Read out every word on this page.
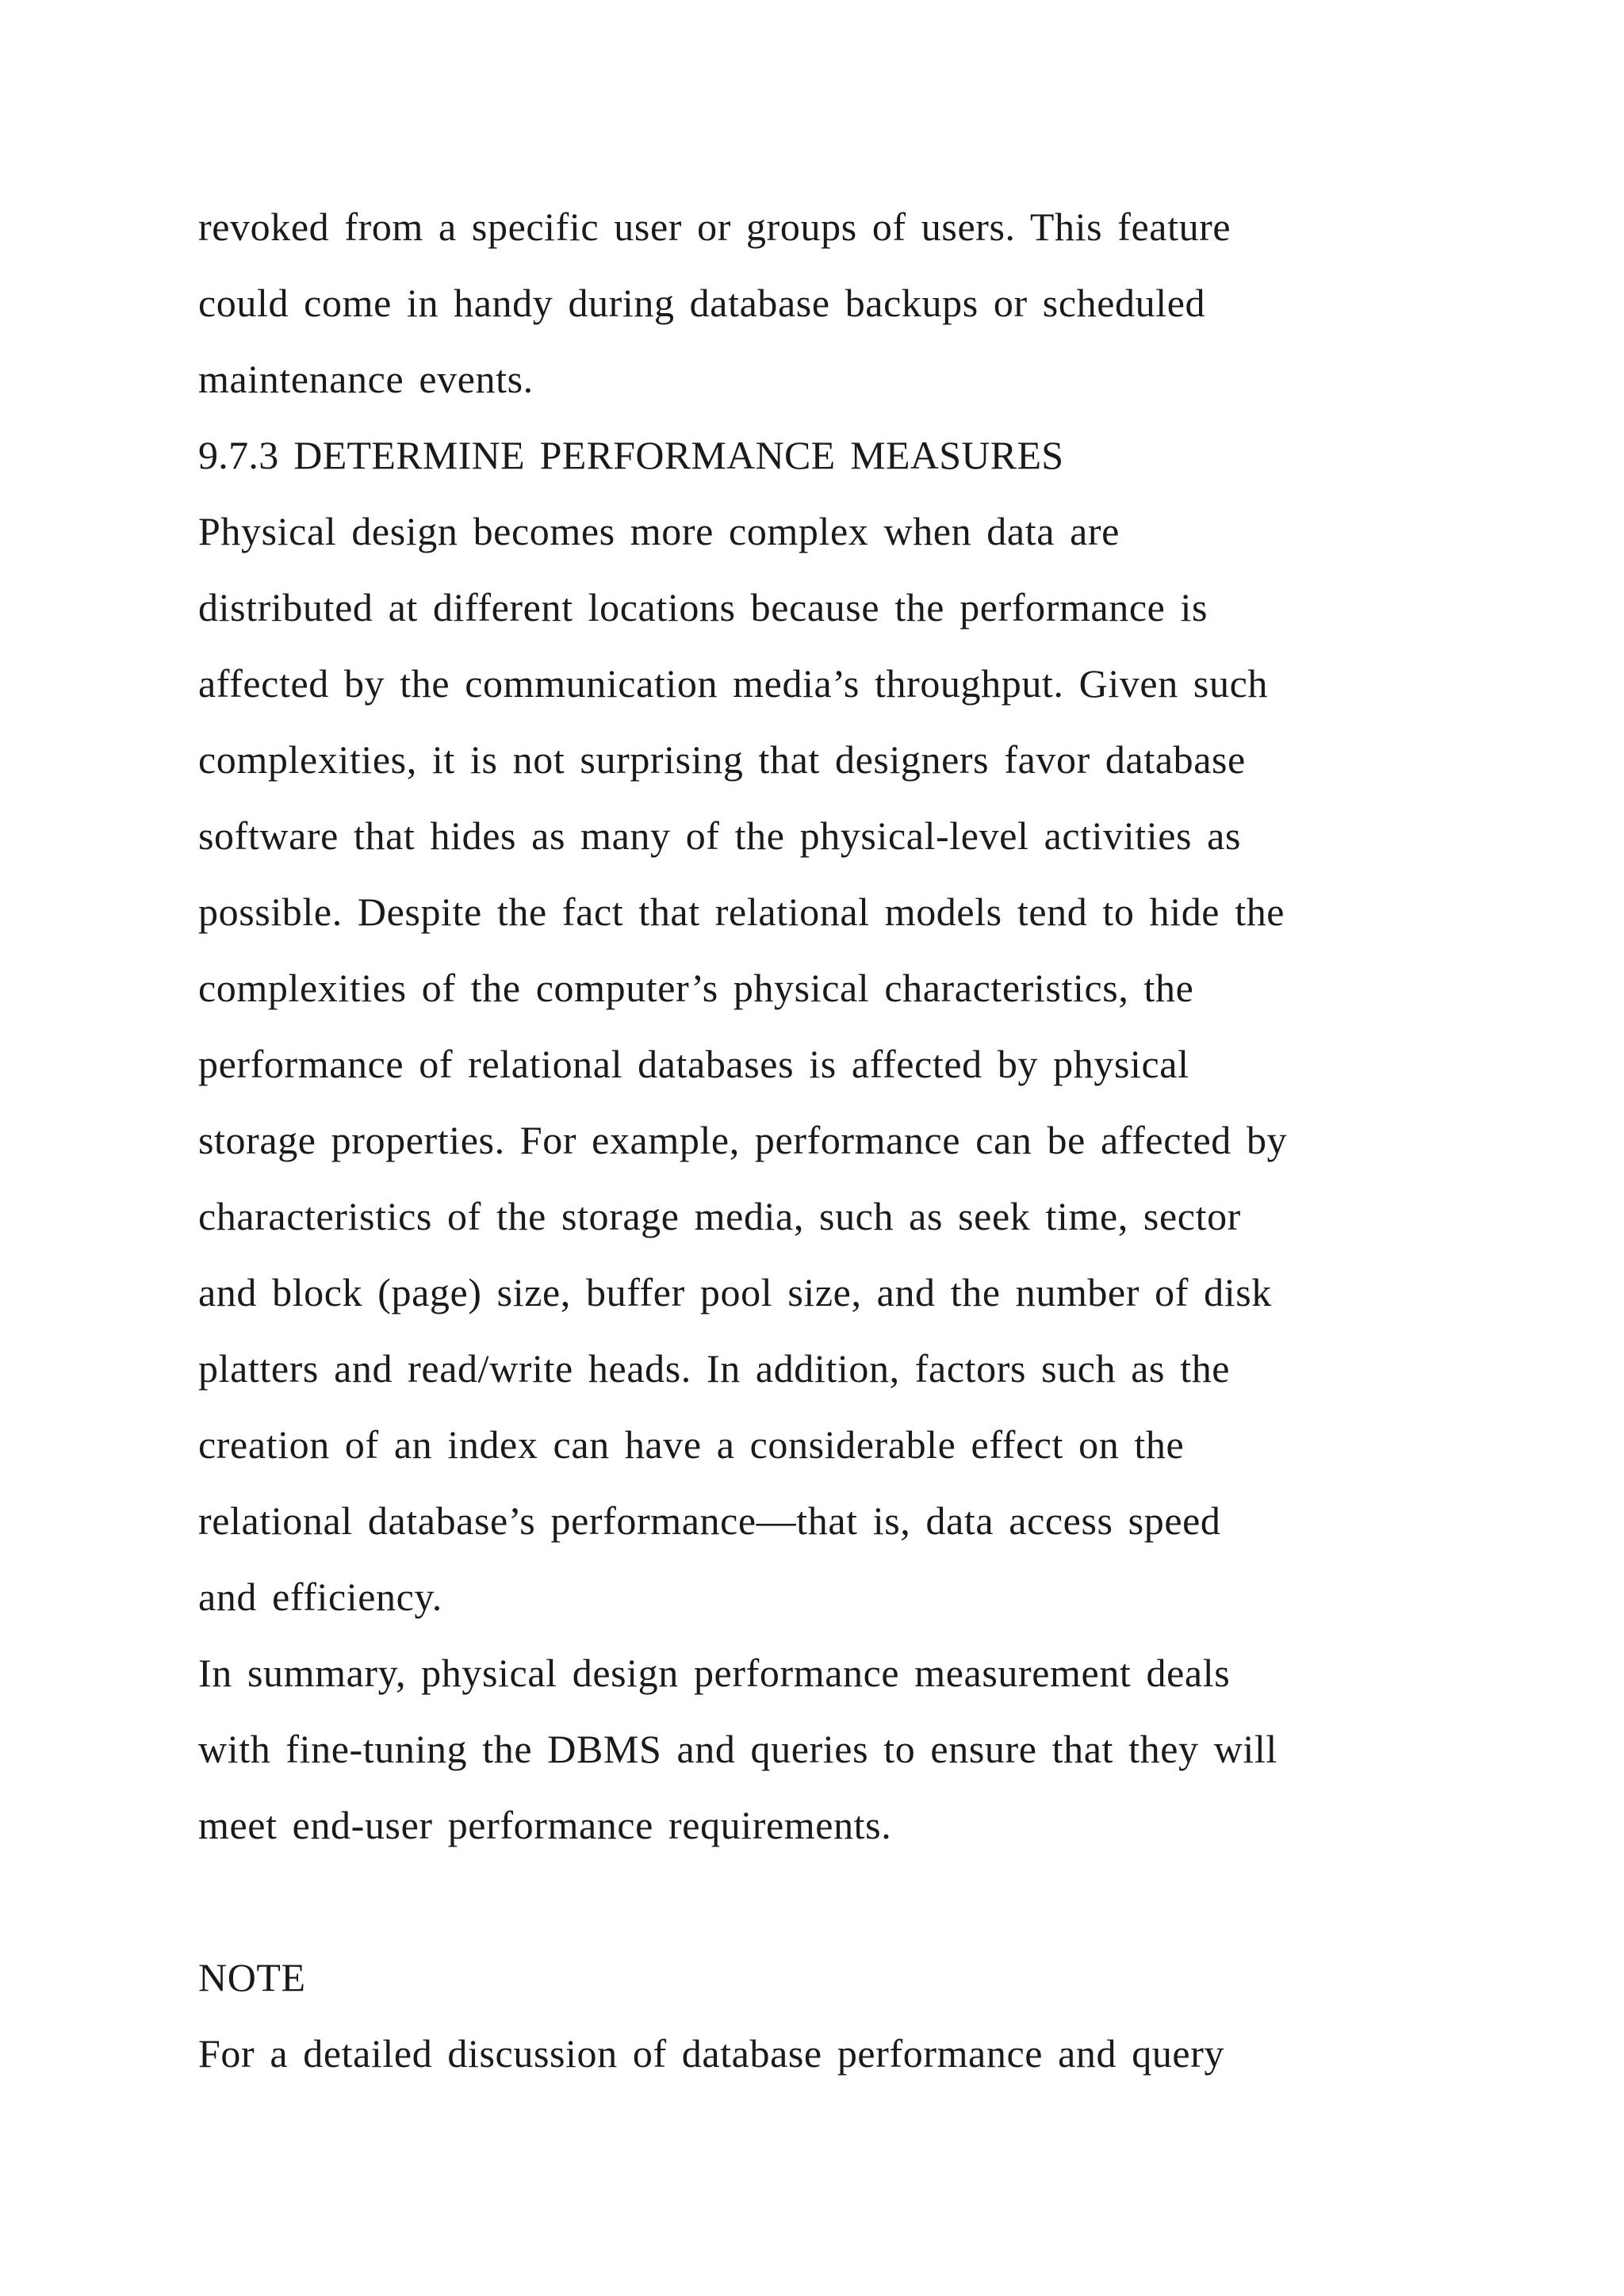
revoked from a specific user or groups of users. This feature
could come in handy during database backups or scheduled
maintenance events.
9.7.3 DETERMINE PERFORMANCE MEASURES
Physical design becomes more complex when data are
distributed at different locations because the performance is
affected by the communication media’s throughput. Given such
complexities, it is not surprising that designers favor database
software that hides as many of the physical-level activities as
possible. Despite the fact that relational models tend to hide the
complexities of the computer’s physical characteristics, the
performance of relational databases is affected by physical
storage properties. For example, performance can be affected by
characteristics of the storage media, such as seek time, sector
and block (page) size, buffer pool size, and the number of disk
platters and read/write heads. In addition, factors such as the
creation of an index can have a considerable effect on the
relational database’s performance—that is, data access speed
and efficiency.
In summary, physical design performance measurement deals
with fine-tuning the DBMS and queries to ensure that they will
meet end-user performance requirements.
NOTE
For a detailed discussion of database performance and query
